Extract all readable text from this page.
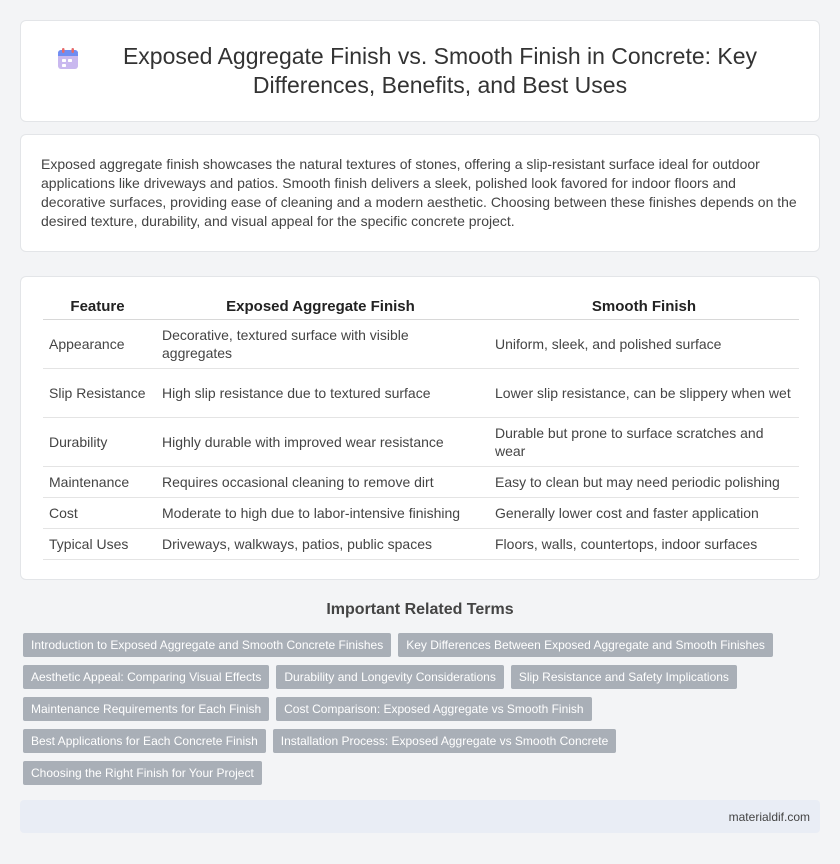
Exposed Aggregate Finish vs. Smooth Finish in Concrete: Key Differences, Benefits, and Best Uses

Exposed aggregate finish showcases the natural textures of stones, offering a slip-resistant surface ideal for outdoor applications like driveways and patios. Smooth finish delivers a sleek, polished look favored for indoor floors and decorative surfaces, providing ease of cleaning and a modern aesthetic. Choosing between these finishes depends on the desired texture, durability, and visual appeal for the specific concrete project.

Feature	Exposed Aggregate Finish	Smooth Finish
Appearance	Decorative, textured surface with visible aggregates	Uniform, sleek, and polished surface
Slip Resistance	High slip resistance due to textured surface	Lower slip resistance, can be slippery when wet
Durability	Highly durable with improved wear resistance	Durable but prone to surface scratches and wear
Maintenance	Requires occasional cleaning to remove dirt	Easy to clean but may need periodic polishing
Cost	Moderate to high due to labor-intensive finishing	Generally lower cost and faster application
Typical Uses	Driveways, walkways, patios, public spaces	Floors, walls, countertops, indoor surfaces
Important Related Terms
Introduction to Exposed Aggregate and Smooth Concrete Finishes	Key Differences Between Exposed Aggregate and Smooth Finishes
Aesthetic Appeal: Comparing Visual Effects	Durability and Longevity Considerations	Slip Resistance and Safety Implications
Maintenance Requirements for Each Finish	Cost Comparison: Exposed Aggregate vs Smooth Finish
Best Applications for Each Concrete Finish	Installation Process: Exposed Aggregate vs Smooth Concrete
Choosing the Right Finish for Your Project
materialdif.com
